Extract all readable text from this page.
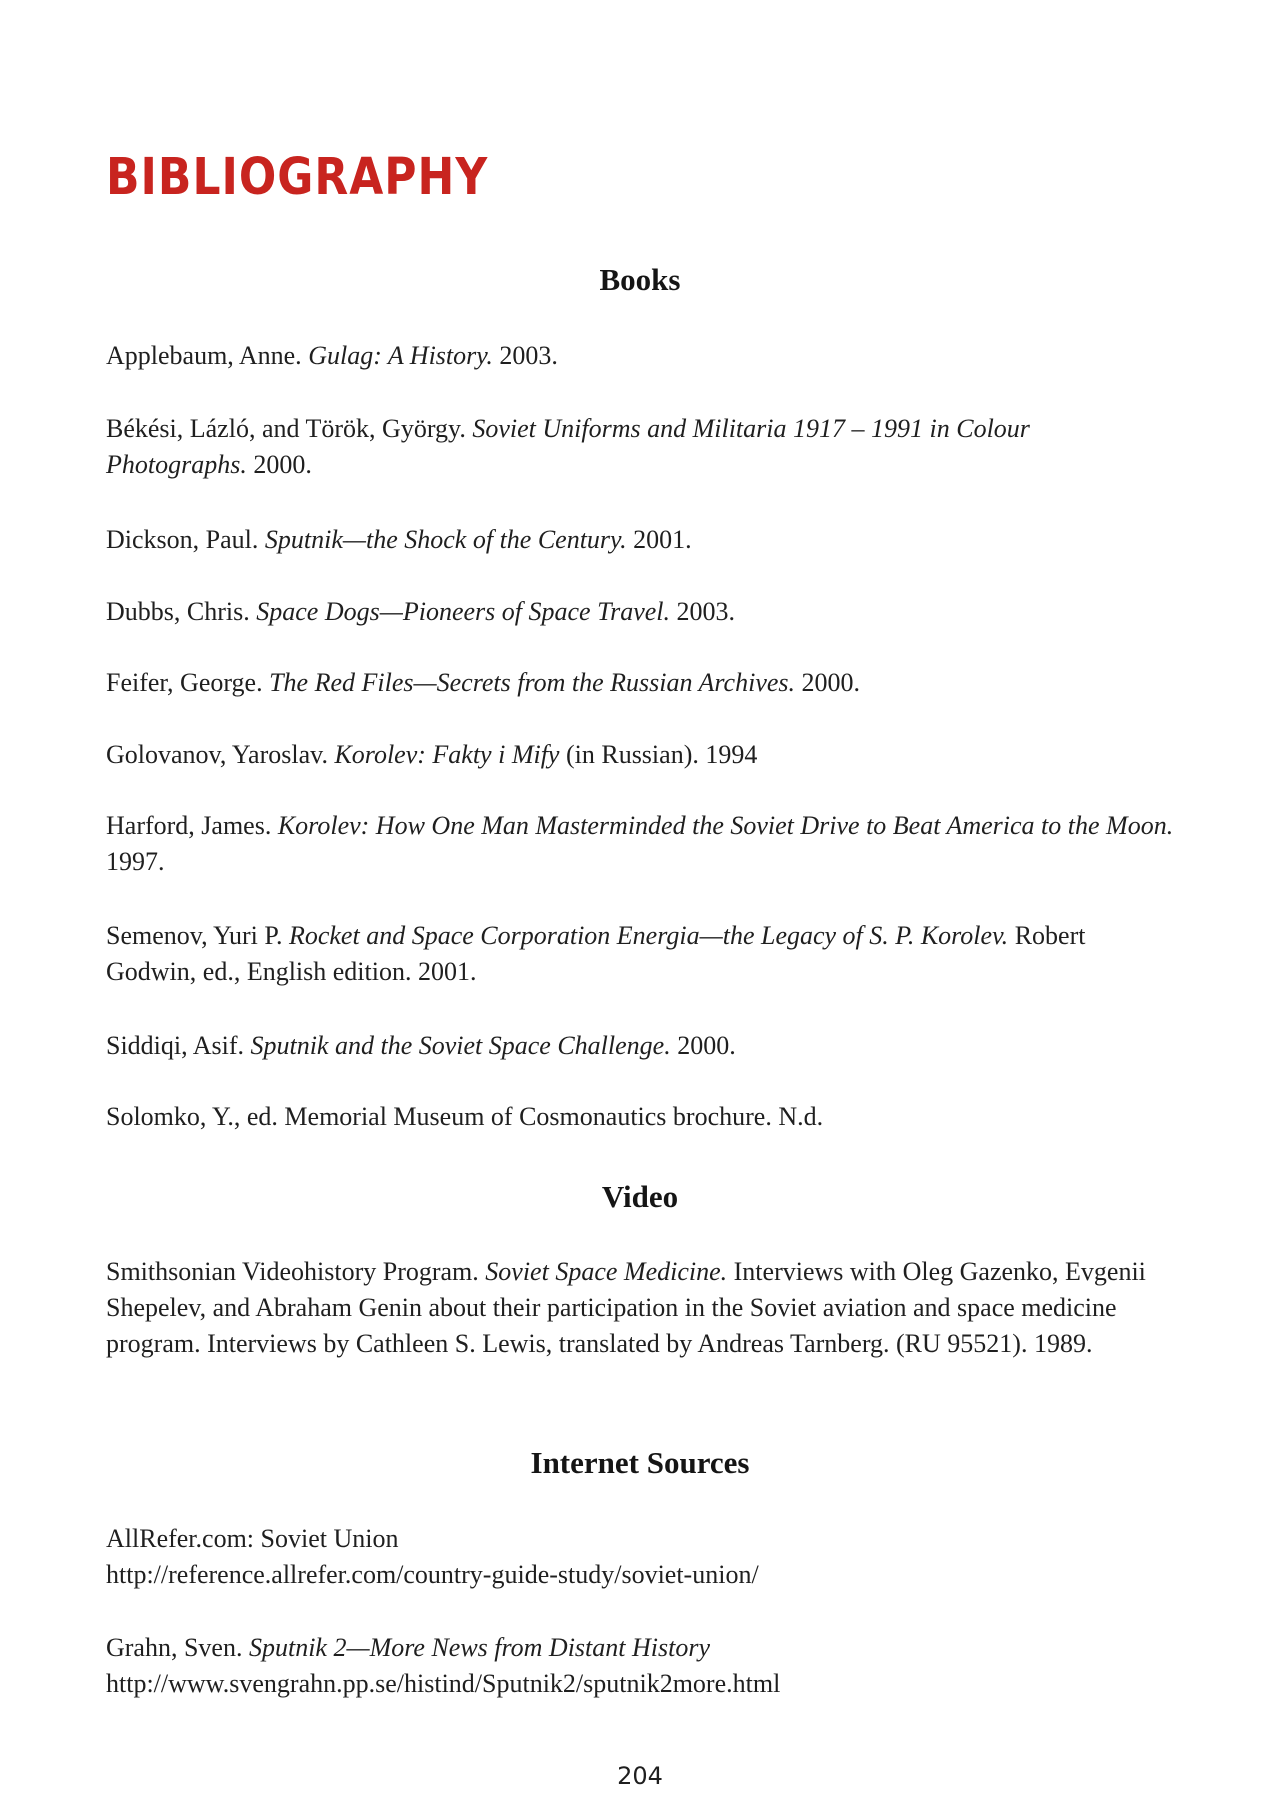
BIBLIOGRAPHY
Books
Applebaum, Anne. Gulag: A History. 2003.
Békési, Lázló, and Török, György. Soviet Uniforms and Militaria 1917 – 1991 in Colour Photographs. 2000.
Dickson, Paul. Sputnik—the Shock of the Century. 2001.
Dubbs, Chris. Space Dogs—Pioneers of Space Travel. 2003.
Feifer, George. The Red Files—Secrets from the Russian Archives. 2000.
Golovanov, Yaroslav. Korolev: Fakty i Mify (in Russian). 1994
Harford, James. Korolev: How One Man Masterminded the Soviet Drive to Beat America to the Moon. 1997.
Semenov, Yuri P. Rocket and Space Corporation Energia—the Legacy of S. P. Korolev. Robert Godwin, ed., English edition. 2001.
Siddiqi, Asif. Sputnik and the Soviet Space Challenge. 2000.
Solomko, Y., ed. Memorial Museum of Cosmonautics brochure. N.d.
Video
Smithsonian Videohistory Program. Soviet Space Medicine. Interviews with Oleg Gazenko, Evgenii Shepelev, and Abraham Genin about their participation in the Soviet aviation and space medicine program. Interviews by Cathleen S. Lewis, translated by Andreas Tarnberg. (RU 95521). 1989.
Internet Sources
AllRefer.com: Soviet Union
http://reference.allrefer.com/country-guide-study/soviet-union/
Grahn, Sven. Sputnik 2—More News from Distant History
http://www.svengrahn.pp.se/histind/Sputnik2/sputnik2more.html
204
